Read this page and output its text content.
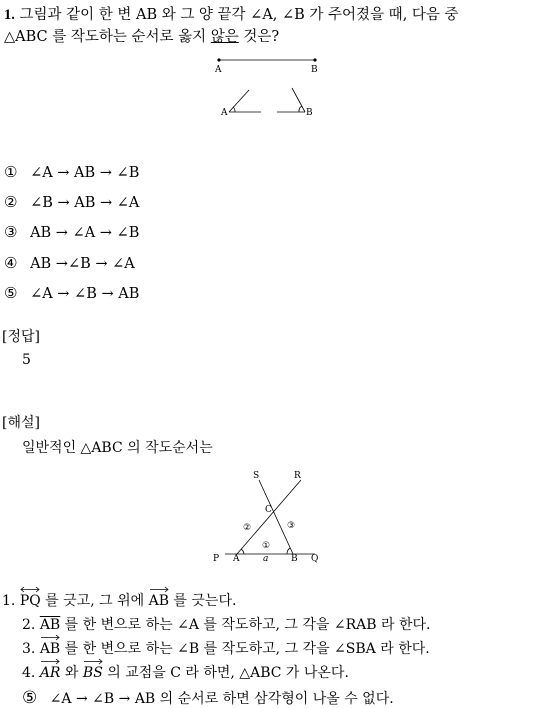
1. 그림과 같이 한 변 AB 와 그 양 끝각 ∠A, ∠B 가 주어졌을 때, 다음 중
△ABC 를 작도하는 순서로 옳지 않은 것은?
A	B
A	B
① ∠A → AB → ∠B
② ∠B → AB → ∠A
③ AB → ∠A → ∠B
④ AB →∠B → ∠A
⑤ ∠A → ∠B → AB
[정답]
5
[해설]
일반적인 △ABC 의 작도순서는
S	R
C
②	③
①
P A	a	B Q
1. PQ 를 긋고, 그 위에
AB 를 긋는다.
2. $\overline{AB}$ 를 한 변으로 하는 ∠A 를 작도하고, 그 각을 ∠RAB 라 한다.
3. AB 를 한 변으로 하는 ∠B 를 작도하고, 그 각을 ∠SBA 라 한다.
4. AR 와
BS 의 교점을 C 라 하면, △ABC 가 나온다.
⑤ ∠A → ∠B → AB 의 순서로 하면 삼각형이 나올 수 없다.
